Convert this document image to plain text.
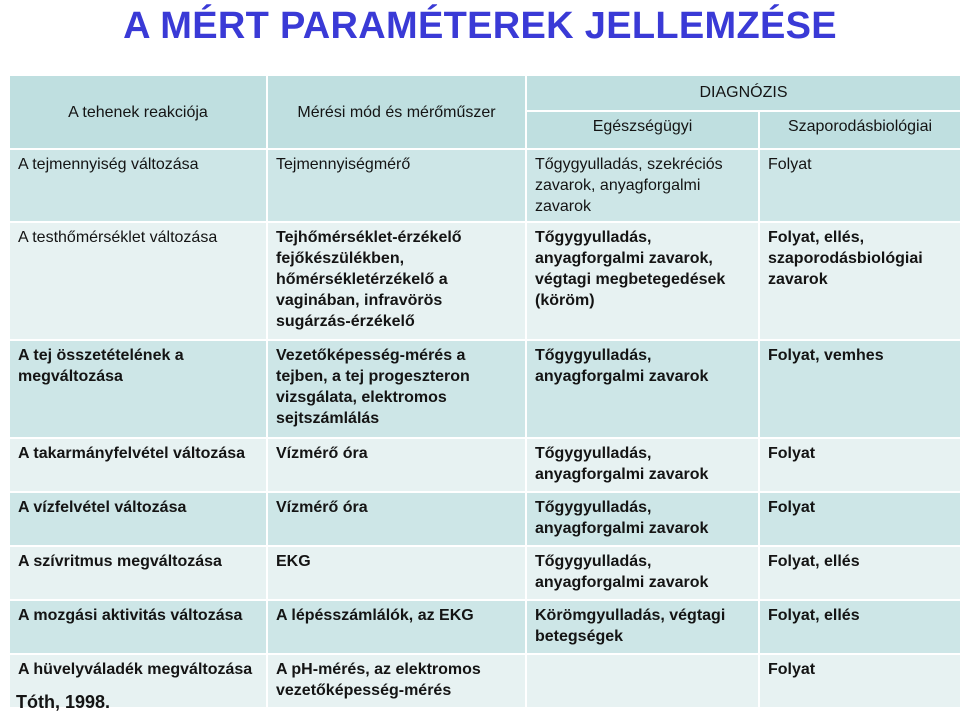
A MÉRT PARAMÉTEREK JELLEMZÉSE
A tehenek reakciója	Mérési mód és mérőműszer	DIAGNÓZIS	
		Egészségügyi	Szaporodásbiológiai
A tejmennyiség változása	Tejmennyiségmérő	Tőgygyulladás, szekréciós zavarok, anyagforgalmi zavarok	Folyat
A testhőmérséklet változása	Tejhőmérséklet-érzékelő fejőkészülékben, hőmérsékletérzékelő a vaginában, infravörös sugárzás-érzékelő	Tőgygyulladás, anyagforgalmi zavarok, végtagi megbetegedések (köröm)	Folyat, ellés, szaporodásbiológiai zavarok
A tej összetételének a megváltozása	Vezetőképesség-mérés a tejben, a tej progeszteron vizsgálata, elektromos sejtszámlálás	Tőgygyulladás, anyagforgalmi zavarok	Folyat, vemhes
A takarmányfelvétel változása	Vízmérő óra	Tőgygyulladás, anyagforgalmi zavarok	Folyat
A vízfelvétel változása	Vízmérő óra	Tőgygyulladás, anyagforgalmi zavarok	Folyat
A szívritmus megváltozása	EKG	Tőgygyulladás, anyagforgalmi zavarok	Folyat, ellés
A mozgási aktivitás változása	A lépésszámlálók, az EKG	Körömgyulladás, végtagi betegségek	Folyat, ellés
A hüvelyváladék megváltozása	A pH-mérés, az elektromos vezetőképesség-mérés		Folyat
Tóth, 1998.
